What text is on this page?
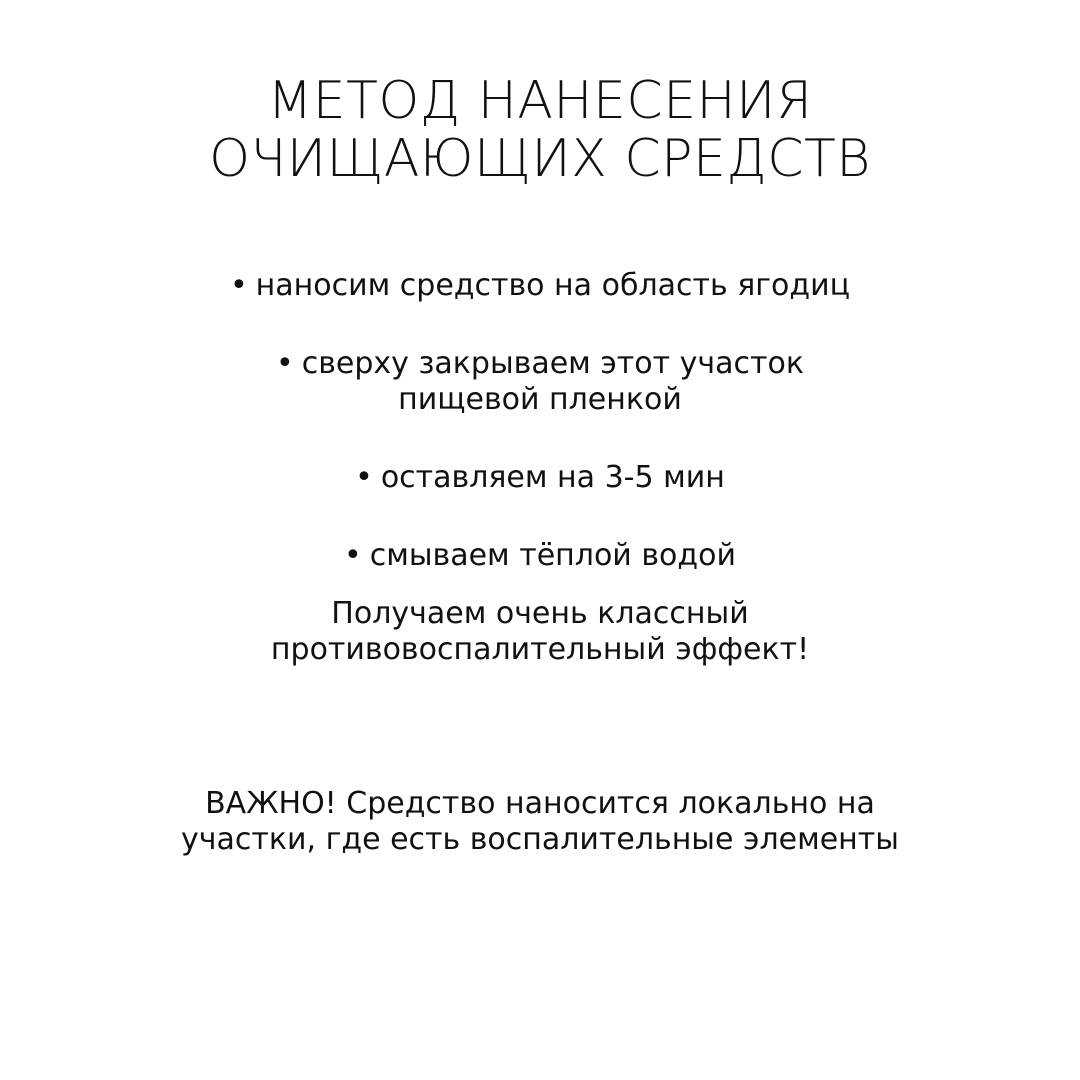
МЕТОД НАНЕСЕНИЯ
ОЧИЩАЮЩИХ СРЕДСТВ
• наносим средство на область ягодиц
• сверху закрываем этот участок
пищевой пленкой
• оставляем на 3-5 мин
• смываем тёплой водой

Получаем очень классный
противовоспалительный эффект!

ВАЖНО! Средство наносится локально на
участки, где есть воспалительные элементы
